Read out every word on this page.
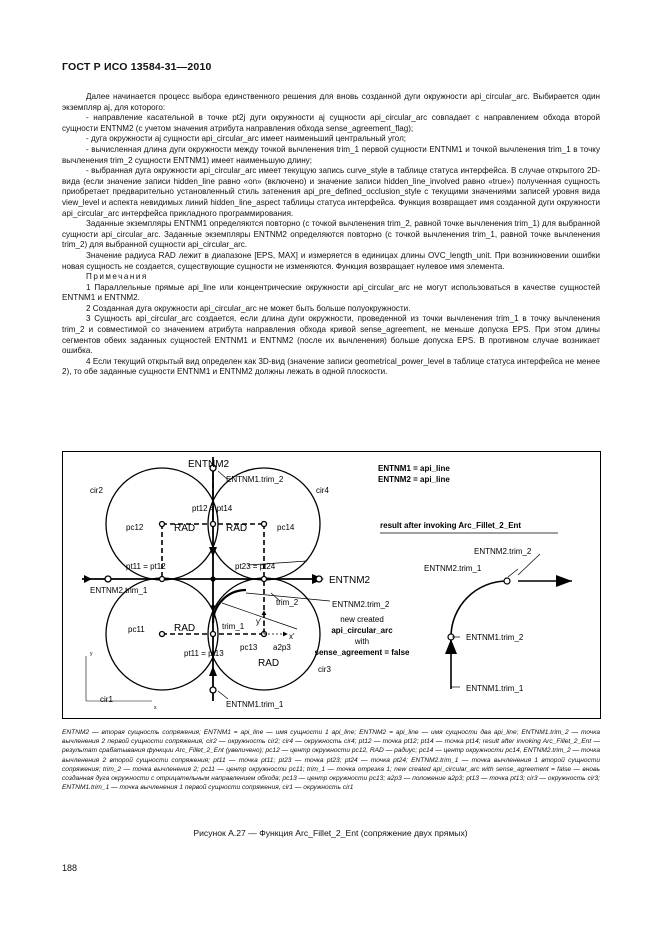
ГОСТ Р ИСО 13584-31—2010

Далее начинается процесс выбора единственного решения для вновь созданной дуги окружности api_circular_arc. Выбирается один экземпляр aj, для которого:

- направление касательной в точке pt2j дуги окружности aj сущности api_circular_arc совпадает с направлением обхода второй сущности ENTNM2 (с учетом значения атрибута направления обхода sense_agreement_flag);

- дуга окружности aj сущности api_circular_arc имеет наименьший центральный угол;

- вычисленная длина дуги окружности между точкой вычленения trim_1 первой сущности ENTNM1 и точкой вычленения trim_1 в точку вычленения trim_2 сущности ENTNM1) имеет наименьшую длину;

- выбранная дуга окружности api_circular_arc имеет текущую запись curve_style в таблице статуса интерфейса. В случае открытого 2D-вида (если значение записи hidden_line равно «on» (включено) и значение записи hidden_line_involved равно «true») полученная сущность приобретает предварительно установленный стиль затенения api_pre_defined_occlusion_style с текущими значениями записей уровня вида view_level и аспекта невидимых линий hidden_line_aspect таблицы статуса интерфейса. Функция возвращает имя созданной дуги окружности api_circular_arc интерфейса прикладного программирования.

Заданные экземпляры ENTNM1 определяются повторно (с точкой вычленения trim_2, равной точке вычленения trim_1) для выбранной сущности api_circular_arc. Заданные экземпляры ENTNM2 определяются повторно (с точкой вычленения trim_1, равной точке вычленения trim_2) для выбранной сущности api_circular_arc.

Значение радиуса RAD лежит в диапазоне [EPS, MAX] и измеряется в единицах длины OVC_length_unit. При возникновении ошибки новая сущность не создается, существующие сущности не изменяются. Функция возвращает нулевое имя элемента.

Примечания

1 Параллельные прямые api_line или концентрические окружности api_circular_arc не могут использоваться в качестве сущностей ENTNM1 и ENTNM2.

2 Созданная дуга окружности api_circular_arc не может быть больше полуокружности.

3 Сущность api_circular_arc создается, если длина дуги окружности, проведенной из точки вычленения trim_1 в точку вычленения trim_2 и совместимой со значением атрибута направления обхода кривой sense_agreement, не меньше допуска EPS. При этом длины сегментов обеих заданных сущностей ENTNM1 и ENTNM2 (после их вычленения) больше допуска EPS. В противном случае возникает ошибка.

4 Если текущий открытый вид определен как 3D-вид (значение записи geometrical_power_level в таблице статуса интерфейса не менее 2), то обе заданные сущности ENTNM1 и ENTNM2 должны лежать в одной плоскости.

ENTNM2
ENTNM1.trim_2
cir2	cir4
pt12 = pt14
pc12	pc14
RAD	RAD
pt11 = pt12	pt23 = pt24
ENTNM2
ENTNM2.trim_1
trim_2	ENTNM2.trim_2
pc11	RAD	trim_1
y'
x'
pt11 = pt13
pc13 a2p3
RAD
cir3
cir1
ENTNM1.trim_1
y
x
ENTNM1 = api_line
ENTNM2 = api_line
result after invoking Arc_Fillet_2_Ent
ENTNM2.trim_2
ENTNM2.trim_1
ENTNM1.trim_2
ENTNM1.trim_1
new created
api_circular_arc
with
sense_agreement = false
ENTNM2 — вторая сущность сопряжения; ENTNM1 = api_line — имя сущности 1 api_line; ENTNM2 = api_line — имя сущности два api_line; ENTNM1.trim_2 — точка вычленения 2 первой сущности сопряжения, cir2 — окружность cir2; cir4 — окружность cir4; pt12 — точка pt12; pt14 — точка pt14; result after invoking Arc_Fillet_2_Ent — результат срабатывания функции Arc_Fillet_2_Ent (увеличено); pc12 — центр окружности pc12, RAD — радиус; pc14 — центр окружности pc14, ENTNM2.trim_2 — точка вычленения 2 второй сущности сопряжения; pt11 — точка pt11; pt23 — точка pt23; pt24 — точка pt24; ENTNM2.trim_1 — точка вычленения 1 второй сущности сопряжения; trim_2 — точка вычленения 2; pc11 — центр окружности pc11; trim_1 — точка отрезка 1; new created api_circular_arc with sense_agreement = false — вновь созданная дуга окружности с отрицательным направлением обхода; pc13 — центр окружности pc13; a2p3 — положение a2p3; pt13 — точка pt13; cir3 — окружность cir3; ENTNM1.trim_1 — точка вычленения 1 первой сущности сопряжения, cir1 — окружность cir1
Рисунок А.27 — Функция Arc_Fillet_2_Ent (сопряжение двух прямых)
188
